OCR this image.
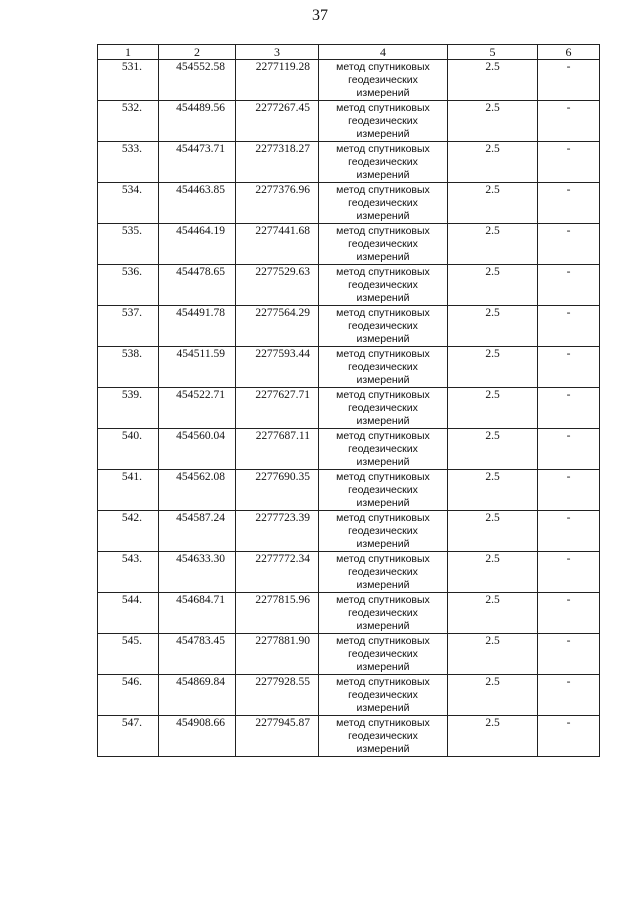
37
1	2	3	4	5	6
531.	454552.58	2277119.28	метод спутниковых геодезических измерений	2.5	-
532.	454489.56	2277267.45	метод спутниковых геодезических измерений	2.5	-
533.	454473.71	2277318.27	метод спутниковых геодезических измерений	2.5	-
534.	454463.85	2277376.96	метод спутниковых геодезических измерений	2.5	-
535.	454464.19	2277441.68	метод спутниковых геодезических измерений	2.5	-
536.	454478.65	2277529.63	метод спутниковых геодезических измерений	2.5	-
537.	454491.78	2277564.29	метод спутниковых геодезических измерений	2.5	-
538.	454511.59	2277593.44	метод спутниковых геодезических измерений	2.5	-
539.	454522.71	2277627.71	метод спутниковых геодезических измерений	2.5	-
540.	454560.04	2277687.11	метод спутниковых геодезических измерений	2.5	-
541.	454562.08	2277690.35	метод спутниковых геодезических измерений	2.5	-
542.	454587.24	2277723.39	метод спутниковых геодезических измерений	2.5	-
543.	454633.30	2277772.34	метод спутниковых геодезических измерений	2.5	-
544.	454684.71	2277815.96	метод спутниковых геодезических измерений	2.5	-
545.	454783.45	2277881.90	метод спутниковых геодезических измерений	2.5	-
546.	454869.84	2277928.55	метод спутниковых геодезических измерений	2.5	-
547.	454908.66	2277945.87	метод спутниковых геодезических измерений	2.5	-
